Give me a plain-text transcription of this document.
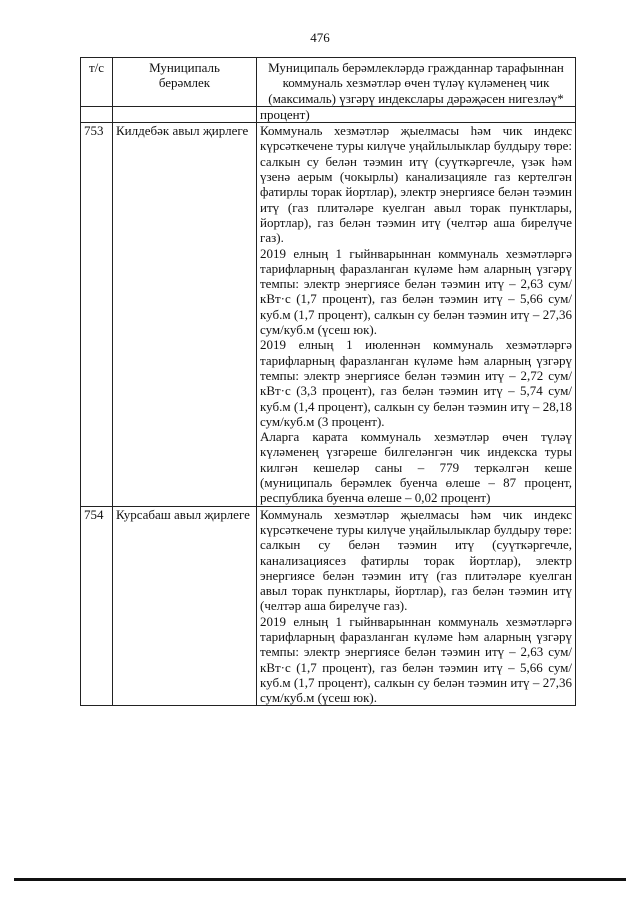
476
т/с	Муниципаль берәмлек	Муниципаль берәмлекләрдә гражданнар тарафыннан коммуналь хезмәтләр өчен түләү күләменең чик (максималь) үзгәрү индекслары дәрәҗәсен нигезләү*
		процент)
753	Килдебәк авыл җирлеге	Коммуналь хезмәтләр җыелмасы һәм чик индекс күрсәткечене туры килүче уңайлылыклар булдыру төре: салкын су белән тәэмин итү (суүткәргечле, үзәк һәм үзенә аерым (чокырлы) канализацияле газ кертелгән фатирлы торак йортлар), электр энергиясе белән тәэмин итү (газ плитәләре куелган авыл торак пунктлары, йортлар), газ белән тәэмин итү (челтәр аша бирелүче газ).
2019 елның 1 гыйнварыннан коммуналь хезмәтләргә тарифларның фаразланган күләме һәм аларның үзгәрү темпы: электр энергиясе белән тәэмин итү – 2,63 сум/кВт·с (1,7 процент), газ белән тәэмин итү – 5,66 сум/куб.м (1,7 процент), салкын су белән тәэмин итү – 27,36 сум/куб.м (үсеш юк).
2019 елның 1 июленнән коммуналь хезмәтләргә тарифларның фаразланган күләме һәм аларның үзгәрү темпы: электр энергиясе белән тәэмин итү – 2,72 сум/кВт·с (3,3 процент), газ белән тәэмин итү – 5,74 сум/куб.м (1,4 процент), салкын су белән тәэмин итү – 28,18 сум/куб.м (3 процент).
Аларга карата коммуналь хезмәтләр өчен түләү күләменең үзгәреше билгеләнгән чик индекска туры килгән кешеләр саны – 779 теркәлгән кеше (муниципаль берәмлек буенча өлеше – 87 процент, республика буенча өлеше – 0,02 процент)

754	Курсабаш авыл җирлеге	Коммуналь хезмәтләр җыелмасы һәм чик индекс күрсәткечене туры килүче уңайлылыклар булдыру төре: салкын су белән тәэмин итү (суүткәргечле, канализациясез фатирлы торак йортлар), электр энергиясе белән тәэмин итү (газ плитәләре куелган авыл торак пунктлары, йортлар), газ белән тәэмин итү (челтәр аша бирелүче газ).
2019 елның 1 гыйнварыннан коммуналь хезмәтләргә тарифларның фаразланган күләме һәм аларның үзгәрү темпы: электр энергиясе белән тәэмин итү – 2,63 сум/кВт·с (1,7 процент), газ белән тәэмин итү – 5,66 сум/куб.м (1,7 процент), салкын су белән тәэмин итү – 27,36 сум/куб.м (үсеш юк).
